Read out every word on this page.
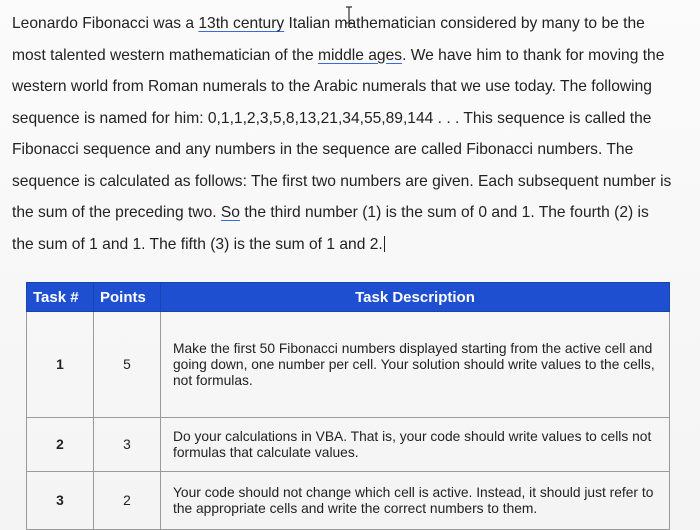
Leonardo Fibonacci was a 13th century Italian mathematician considered by many to be the

most talented western mathematician of the middle ages. We have him to thank for moving the

western world from Roman numerals to the Arabic numerals that we use today. The following

sequence is named for him: 0,1,1,2,3,5,8,13,21,34,55,89,144 . . . This sequence is called the

Fibonacci sequence and any numbers in the sequence are called Fibonacci numbers. The

sequence is calculated as follows: The first two numbers are given. Each subsequent number is

the sum of the preceding two. So the third number (1) is the sum of 0 and 1. The fourth (2) is

the sum of 1 and 1. The fifth (3) is the sum of 1 and 2.

Task #	Points	Task Description
1	5	Make the first 50 Fibonacci numbers displayed starting from the active cell and going down, one number per cell. Your solution should write values to the cells, not formulas.
2	3	Do your calculations in VBA. That is, your code should write values to cells not formulas that calculate values.
3	2	Your code should not change which cell is active. Instead, it should just refer to the appropriate cells and write the correct numbers to them.
